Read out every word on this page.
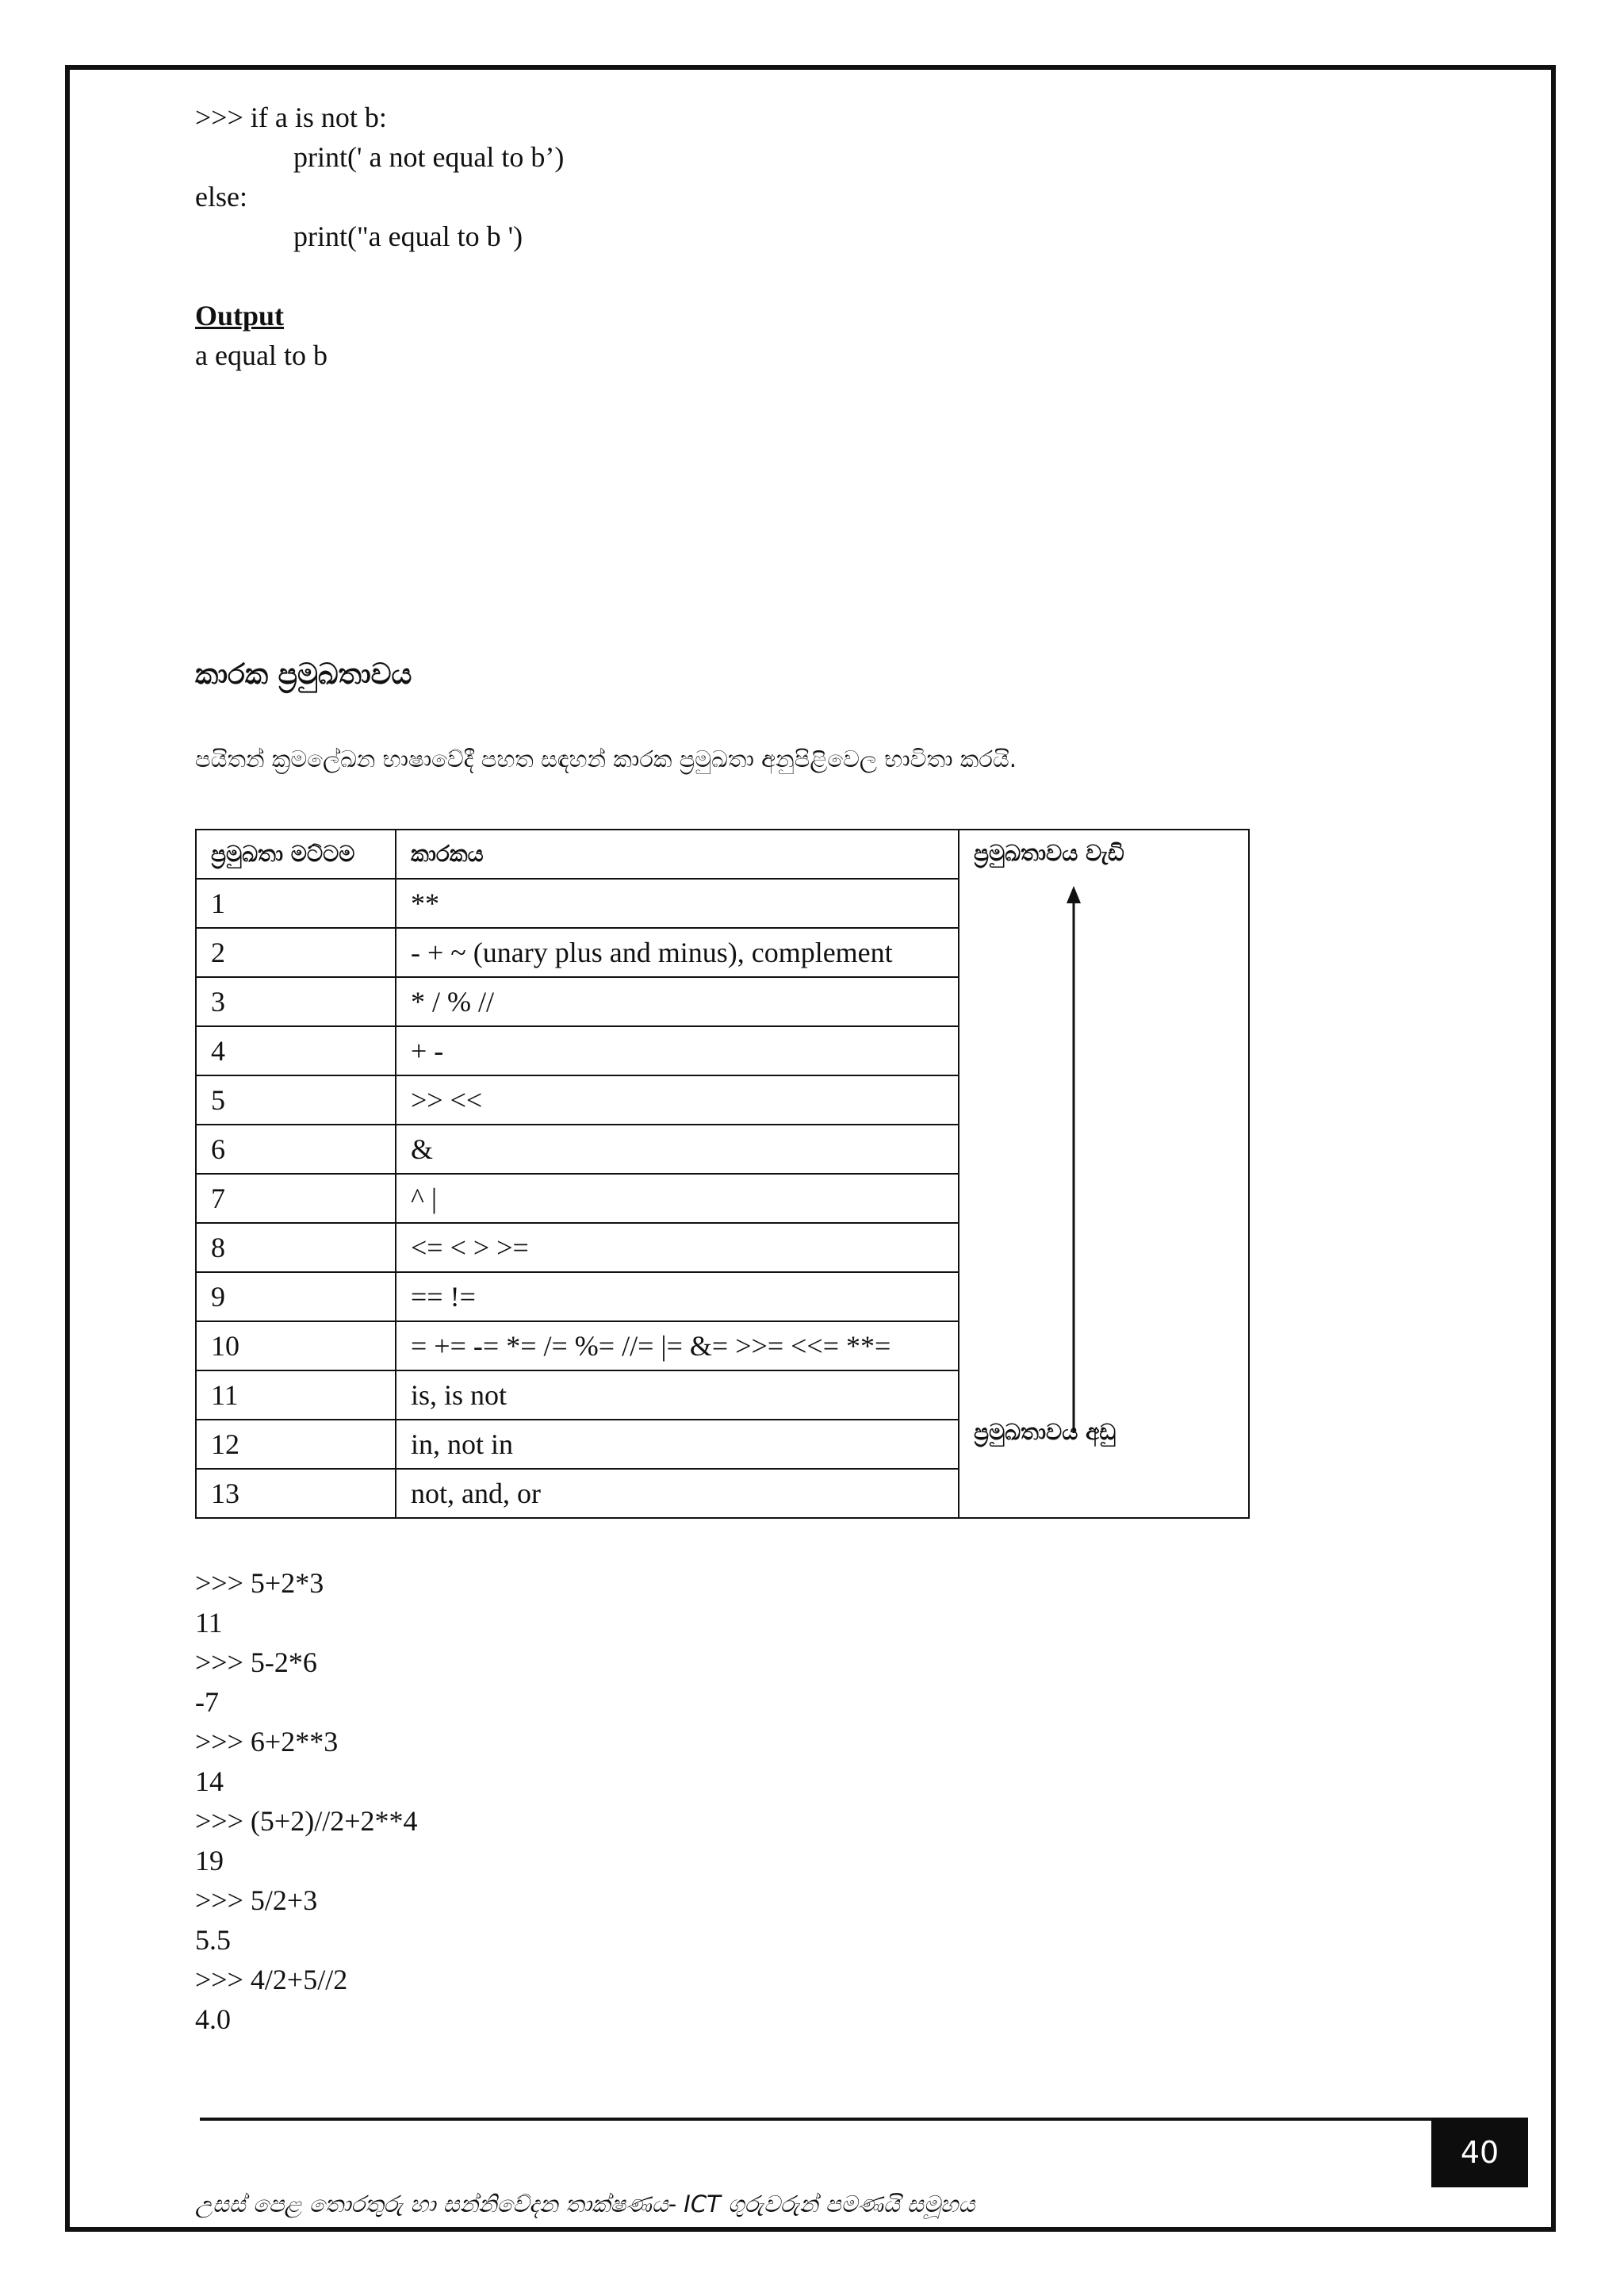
>>> if a is not b:
print(' a not equal to b’)
else:
print("a equal to b ')
Output
a equal to b
කාරක ප්‍රමුඛතාවය
පයිතන් ක්‍රමලේඛන භාෂාවේදී පහත සඳහන් කාරක ප්‍රමුඛතා අනුපිළිවෙල භාවිතා කරයි.
ප්‍රමුඛතා මට්ටම	කාරකය	ප්‍රමුඛතාවය වැඩි
ප්‍රමුඛතාවය අඩු

1	**	
2	- + ~ (unary plus and minus), complement	
3	* / % //	
4	+ -	
5	>> <<	
6	&	
7	^ |	
8	<= < > >=	
9	== !=	
10	= += -= *= /= %= //= |= &= >>= <<= **=	
11	is, is not	
12	in, not in	
13	not, and, or	
>>> 5+2*3
11
>>> 5-2*6
-7
>>> 6+2**3
14
>>> (5+2)//2+2**4
19
>>> 5/2+3
5.5
>>> 4/2+5//2
4.0
40
උසස් පෙළ තොරතුරු හා සන්නිවේදන තාක්ෂණය- ICT ගුරුවරුන් පමණයි සමූහය
